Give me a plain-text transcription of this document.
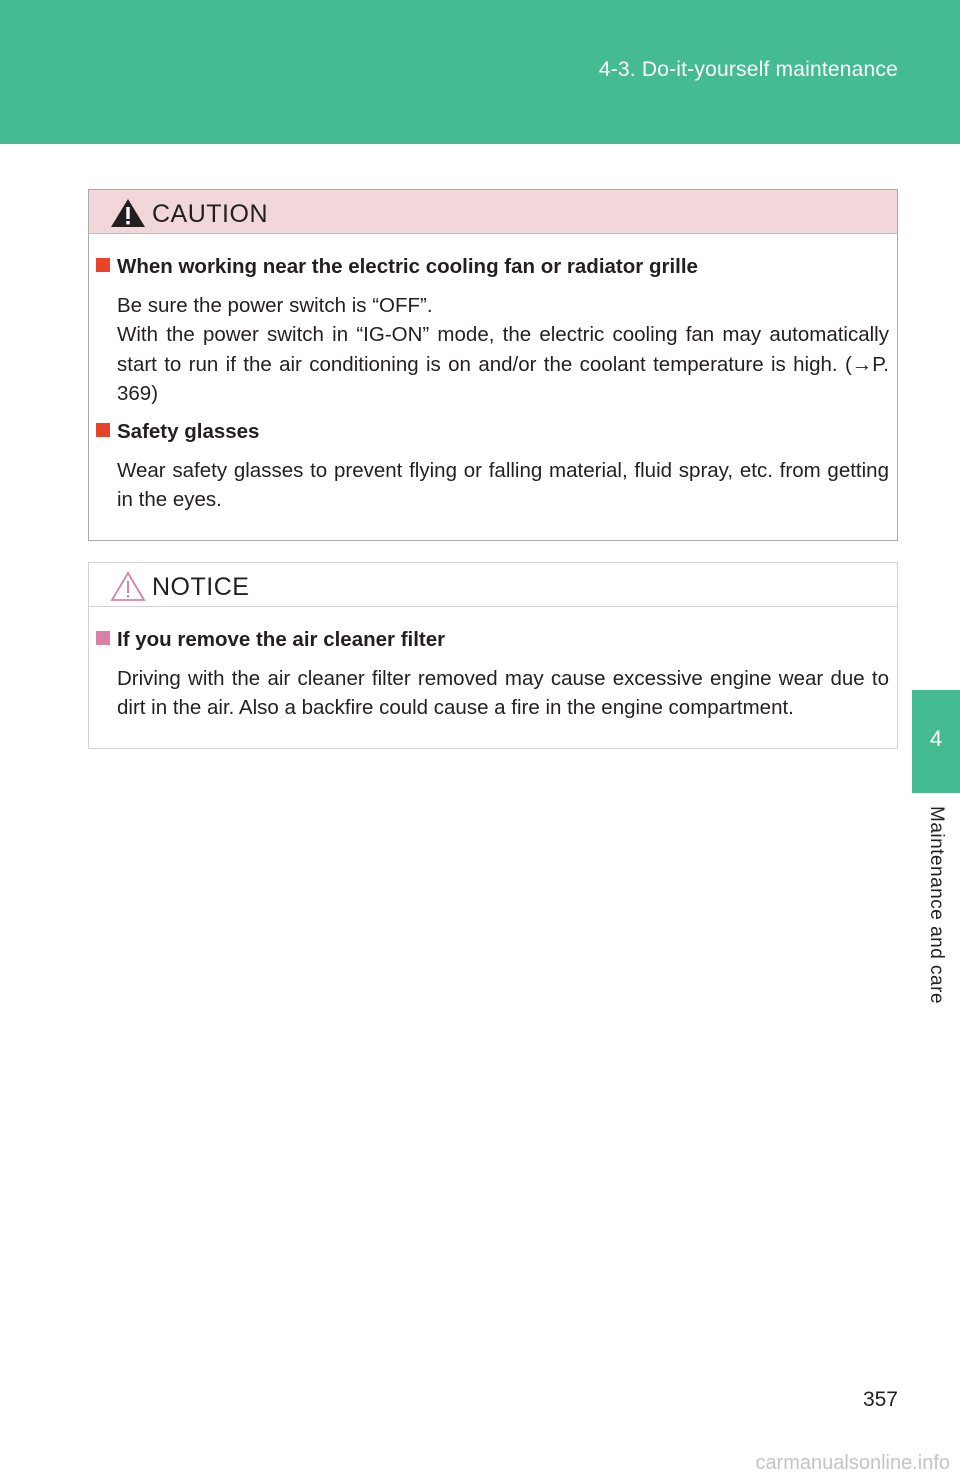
4-3. Do-it-yourself maintenance
4
Maintenance and care
CAUTION
When working near the electric cooling fan or radiator grille
Be sure the power switch is “OFF”.
With the power switch in “IG-ON” mode, the electric cooling fan may automatically start to run if the air conditioning is on and/or the coolant temperature is high. (→P. 369)
Safety glasses
Wear safety glasses to prevent flying or falling material, fluid spray, etc. from getting in the eyes.
NOTICE
If you remove the air cleaner filter
Driving with the air cleaner filter removed may cause excessive engine wear due to dirt in the air. Also a backfire could cause a fire in the engine compartment.
357
carmanualsonline.info
